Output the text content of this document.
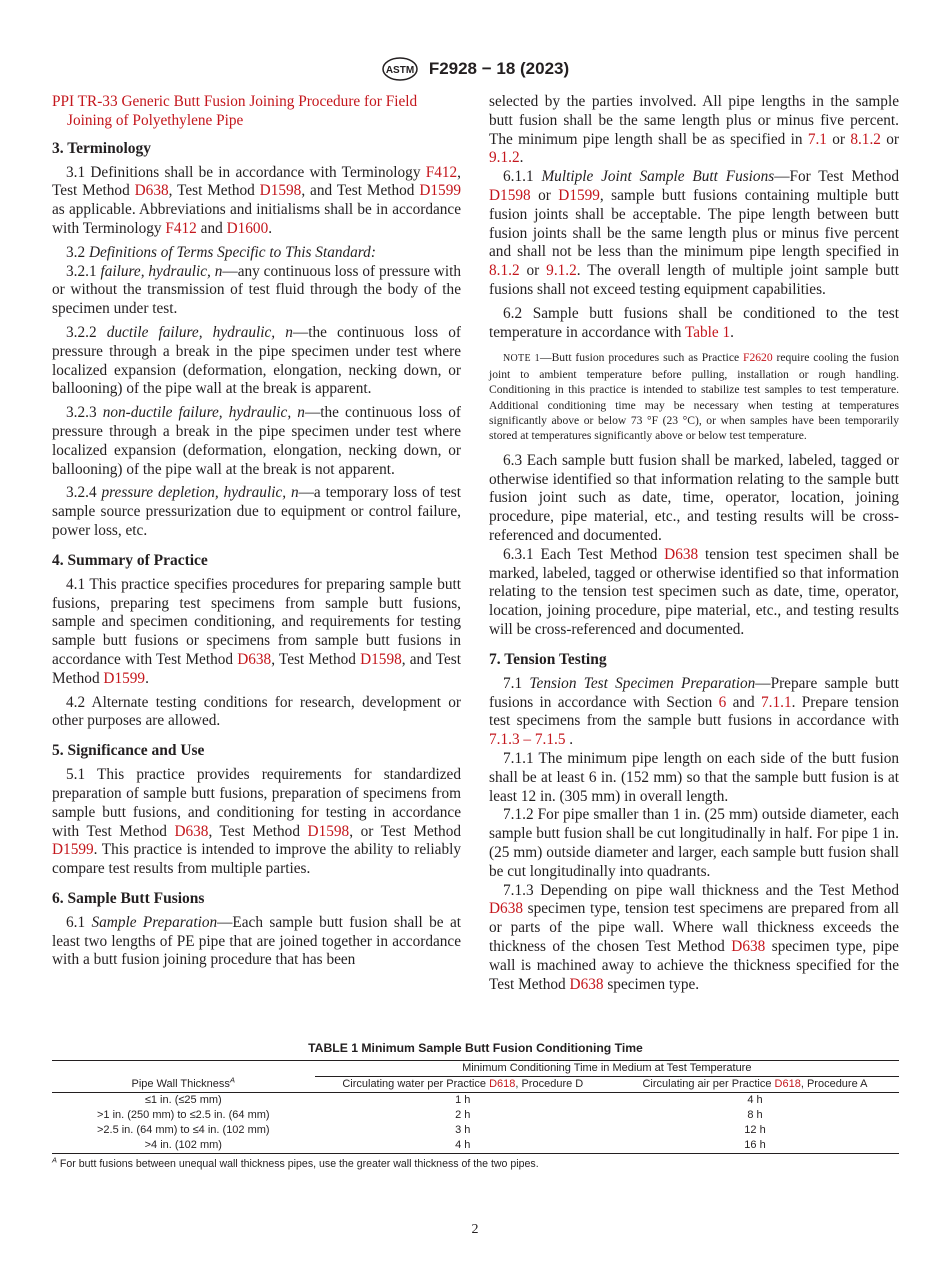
ASTM F2928 − 18 (2023)

PPI TR-33 Generic Butt Fusion Joining Procedure for Field Joining of Polyethylene Pipe

3. Terminology

3.1 Definitions shall be in accordance with Terminology F412, Test Method D638, Test Method D1598, and Test Method D1599 as applicable. Abbreviations and initialisms shall be in accordance with Terminology F412 and D1600.

3.2 Definitions of Terms Specific to This Standard:

3.2.1 failure, hydraulic, n—any continuous loss of pressure with or without the transmission of test fluid through the body of the specimen under test.

3.2.2 ductile failure, hydraulic, n—the continuous loss of pressure through a break in the pipe specimen under test where localized expansion (deformation, elongation, necking down, or ballooning) of the pipe wall at the break is apparent.

3.2.3 non-ductile failure, hydraulic, n—the continuous loss of pressure through a break in the pipe specimen under test where localized expansion (deformation, elongation, necking down, or ballooning) of the pipe wall at the break is not apparent.

3.2.4 pressure depletion, hydraulic, n—a temporary loss of test sample source pressurization due to equipment or control failure, power loss, etc.

4. Summary of Practice

4.1 This practice specifies procedures for preparing sample butt fusions, preparing test specimens from sample butt fusions, sample and specimen conditioning, and requirements for testing sample butt fusions or specimens from sample butt fusions in accordance with Test Method D638, Test Method D1598, and Test Method D1599.

4.2 Alternate testing conditions for research, development or other purposes are allowed.

5. Significance and Use

5.1 This practice provides requirements for standardized preparation of sample butt fusions, preparation of specimens from sample butt fusions, and conditioning for testing in accordance with Test Method D638, Test Method D1598, or Test Method D1599. This practice is intended to improve the ability to reliably compare test results from multiple parties.

6. Sample Butt Fusions

6.1 Sample Preparation—Each sample butt fusion shall be at least two lengths of PE pipe that are joined together in accordance with a butt fusion joining procedure that has been

selected by the parties involved. All pipe lengths in the sample butt fusion shall be the same length plus or minus five percent. The minimum pipe length shall be as specified in 7.1 or 8.1.2 or 9.1.2.

6.1.1 Multiple Joint Sample Butt Fusions—For Test Method D1598 or D1599, sample butt fusions containing multiple butt fusion joints shall be acceptable. The pipe length between butt fusion joints shall be the same length plus or minus five percent and shall not be less than the minimum pipe length specified in 8.1.2 or 9.1.2. The overall length of multiple joint sample butt fusions shall not exceed testing equipment capabilities.

6.2 Sample butt fusions shall be conditioned to the test temperature in accordance with Table 1.

NOTE 1—Butt fusion procedures such as Practice F2620 require cooling the fusion joint to ambient temperature before pulling, installation or rough handling. Conditioning in this practice is intended to stabilize test samples to test temperature. Additional conditioning time may be necessary when testing at temperatures significantly above or below 73 °F (23 °C), or when samples have been temporarily stored at temperatures significantly above or below test temperature.

6.3 Each sample butt fusion shall be marked, labeled, tagged or otherwise identified so that information relating to the sample butt fusion joint such as date, time, operator, location, joining procedure, pipe material, etc., and testing results will be cross-referenced and documented.

6.3.1 Each Test Method D638 tension test specimen shall be marked, labeled, tagged or otherwise identified so that information relating to the tension test specimen such as date, time, operator, location, joining procedure, pipe material, etc., and testing results will be cross-referenced and documented.

7. Tension Testing

7.1 Tension Test Specimen Preparation—Prepare sample butt fusions in accordance with Section 6 and 7.1.1. Prepare tension test specimens from the sample butt fusions in accordance with 7.1.3 – 7.1.5 .

7.1.1 The minimum pipe length on each side of the butt fusion shall be at least 6 in. (152 mm) so that the sample butt fusion is at least 12 in. (305 mm) in overall length.

7.1.2 For pipe smaller than 1 in. (25 mm) outside diameter, each sample butt fusion shall be cut longitudinally in half. For pipe 1 in. (25 mm) outside diameter and larger, each sample butt fusion shall be cut longitudinally into quadrants.

7.1.3 Depending on pipe wall thickness and the Test Method D638 specimen type, tension test specimens are prepared from all or parts of the pipe wall. Where wall thickness exceeds the thickness of the chosen Test Method D638 specimen type, pipe wall is machined away to achieve the thickness specified for the Test Method D638 specimen type.

TABLE 1 Minimum Sample Butt Fusion Conditioning Time
	Minimum Conditioning Time in Medium at Test Temperature	
Pipe Wall Thickness$^A$	Circulating water per Practice D618, Procedure D	Circulating air per Practice D618, Procedure A
≤1 in. (≤25 mm)	1 h	4 h
>1 in. (250 mm) to ≤2.5 in. (64 mm)	2 h	8 h
>2.5 in. (64 mm) to ≤4 in. (102 mm)	3 h	12 h
>4 in. (102 mm)	4 h	16 h
$^A$ For butt fusions between unequal wall thickness pipes, use the greater wall thickness of the two pipes.
2
